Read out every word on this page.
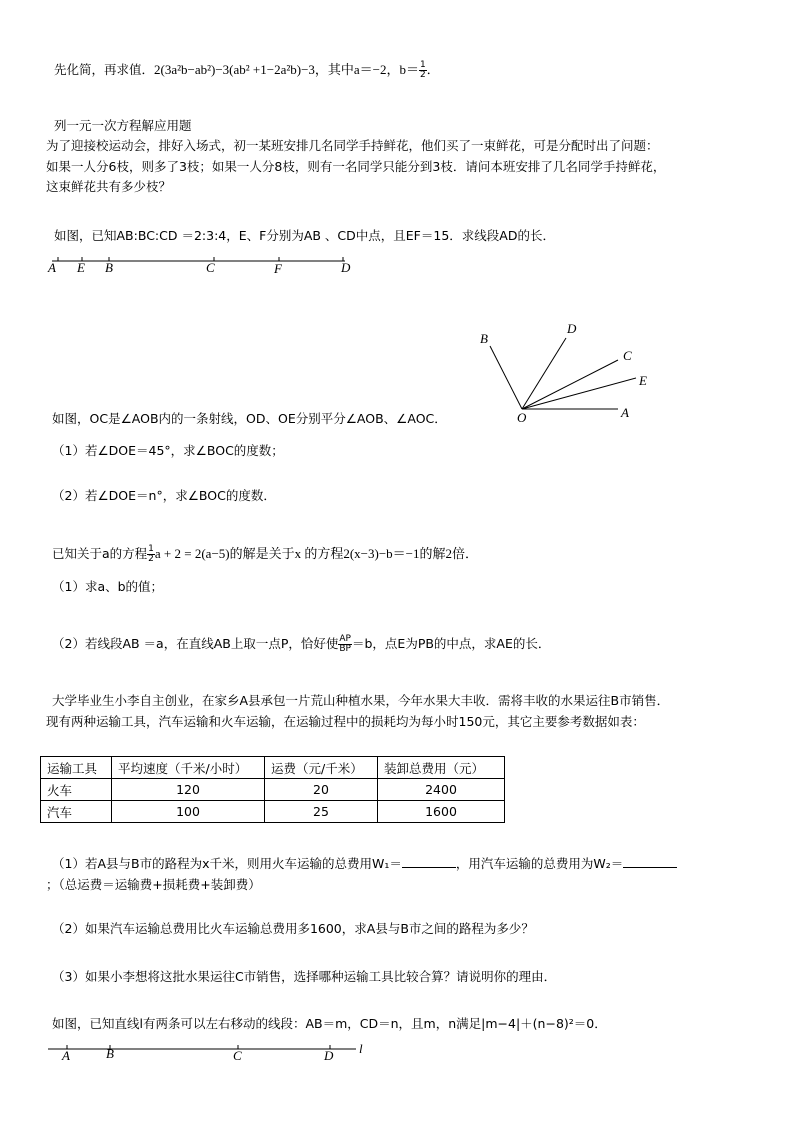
先化简，再求值．2(3a²b−ab²)−3(ab² +1−2a²b)−3，其中a＝−2，$b= \frac{1}{2}$ ．
列一元一次方程解应用题
为了迎接校运动会，排好入场式，初一某班安排几名同学手持鲜花，他们买了一束鲜花，可是分配时出了问题：
如果一人分6枝，则多了3枝；如果一人分8枝，则有一名同学只能分到3枝．请问本班安排了几名同学手持鲜花，
这束鲜花共有多少枝？
如图，已知AB:BC:CD ＝2:3:4，E、F分别为AB 、CD中点，且EF＝15．求线段AD的长．
A E B	C	F	D
B
D
C
E
O	A
如图，OC是∠AOB内的一条射线，OD、OE分别平分∠AOB、∠AOC．
（1）若∠DOE＝45°，求∠BOC的度数；
（2）若∠DOE＝n°，求∠BOC的度数．
已知关于a的方程 $\frac{1}{2}$ a + 2 = 2(a−5)的解是关于x 的方程2(x−3)−b＝−1的解2倍．
（1）求a、b的值；
（2）若线段AB ＝a，在直线AB上取一点P，恰好使 $\frac{AP}{BP} =b$，点E为PB的中点，求AE的长．
大学毕业生小李自主创业，在家乡A县承包一片荒山种植水果，今年水果大丰收．需将丰收的水果运往B市销售．
现有两种运输工具，汽车运输和火车运输，在运输过程中的损耗均为每小时150元，其它主要参考数据如表：
运输工具	平均速度（千米/小时）	运费（元/千米）	装卸总费用（元）
火车	120	20	2400
汽车	100	25	1600
（1）若A县与B市的路程为x千米，则用火车运输的总费用W₁＝	，用汽车运输的总费用为W₂＝
；（总运费＝运输费+损耗费+装卸费）
（2）如果汽车运输总费用比火车运输总费用多1600，求A县与B市之间的路程为多少？
（3）如果小李想将这批水果运往C市销售，选择哪种运输工具比较合算？请说明你的理由．
如图，已知直线l有两条可以左右移动的线段：AB＝m，CD＝n，且m，n满足|m−4|＋(n−8)²＝0．
A	B	C	D l
